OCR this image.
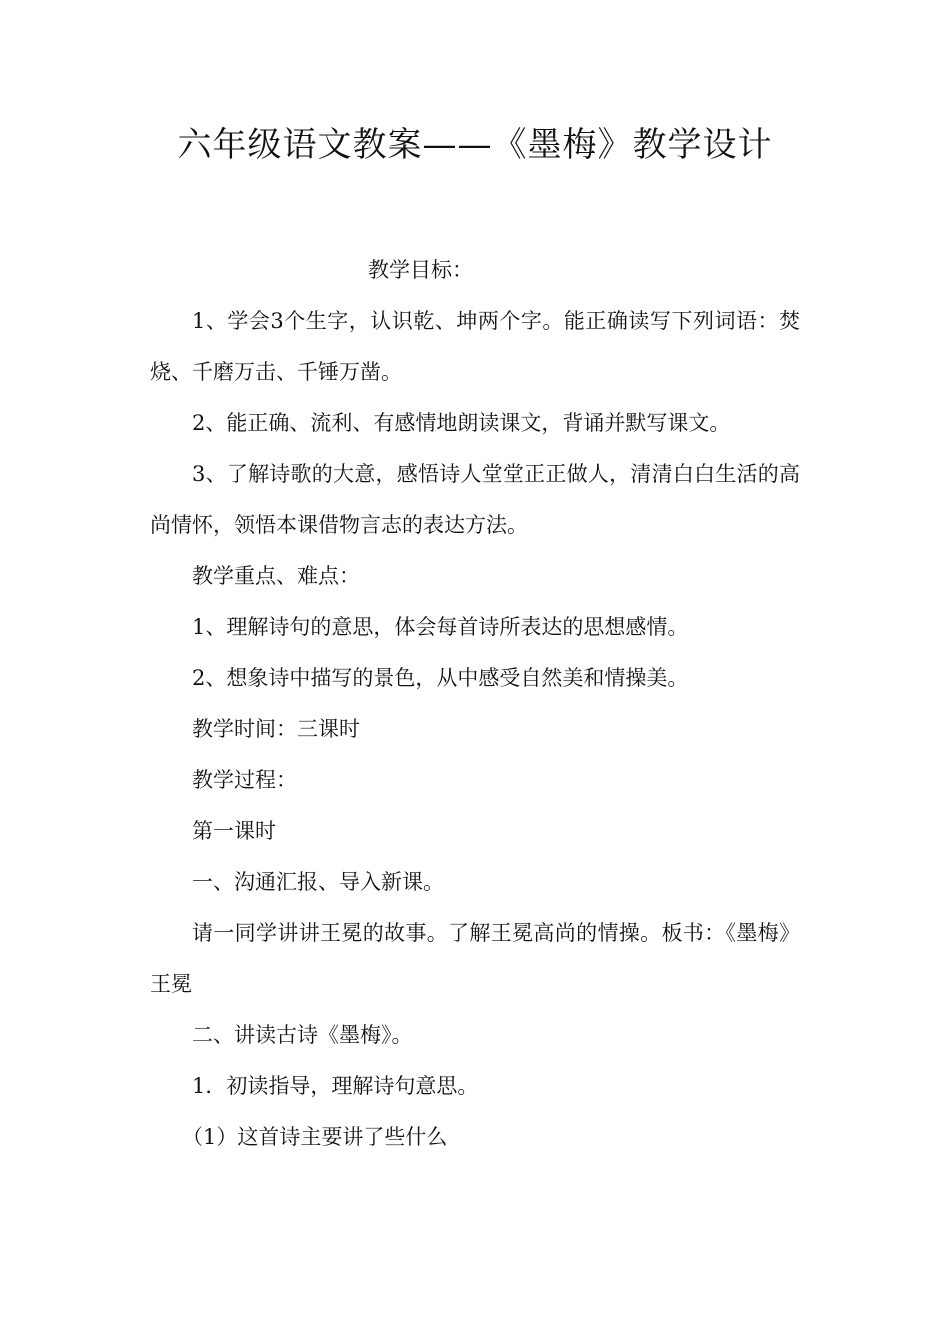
六年级语文教案——《墨梅》教学设计

教学目标：

1、学会3个生字，认识乾、坤两个字。能正确读写下列词语：焚烧、千磨万击、千锤万凿。

2、能正确、流利、有感情地朗读课文，背诵并默写课文。

3、了解诗歌的大意，感悟诗人堂堂正正做人，清清白白生活的高尚情怀，领悟本课借物言志的表达方法。

教学重点、难点：

1、理解诗句的意思，体会每首诗所表达的思想感情。

2、想象诗中描写的景色，从中感受自然美和情操美。

教学时间：三课时

教学过程：

第一课时

一、沟通汇报、导入新课。

请一同学讲讲王冕的故事。了解王冕高尚的情操。板书：《墨梅》王冕

二、讲读古诗《墨梅》。

1．初读指导，理解诗句意思。

（1）这首诗主要讲了些什么
